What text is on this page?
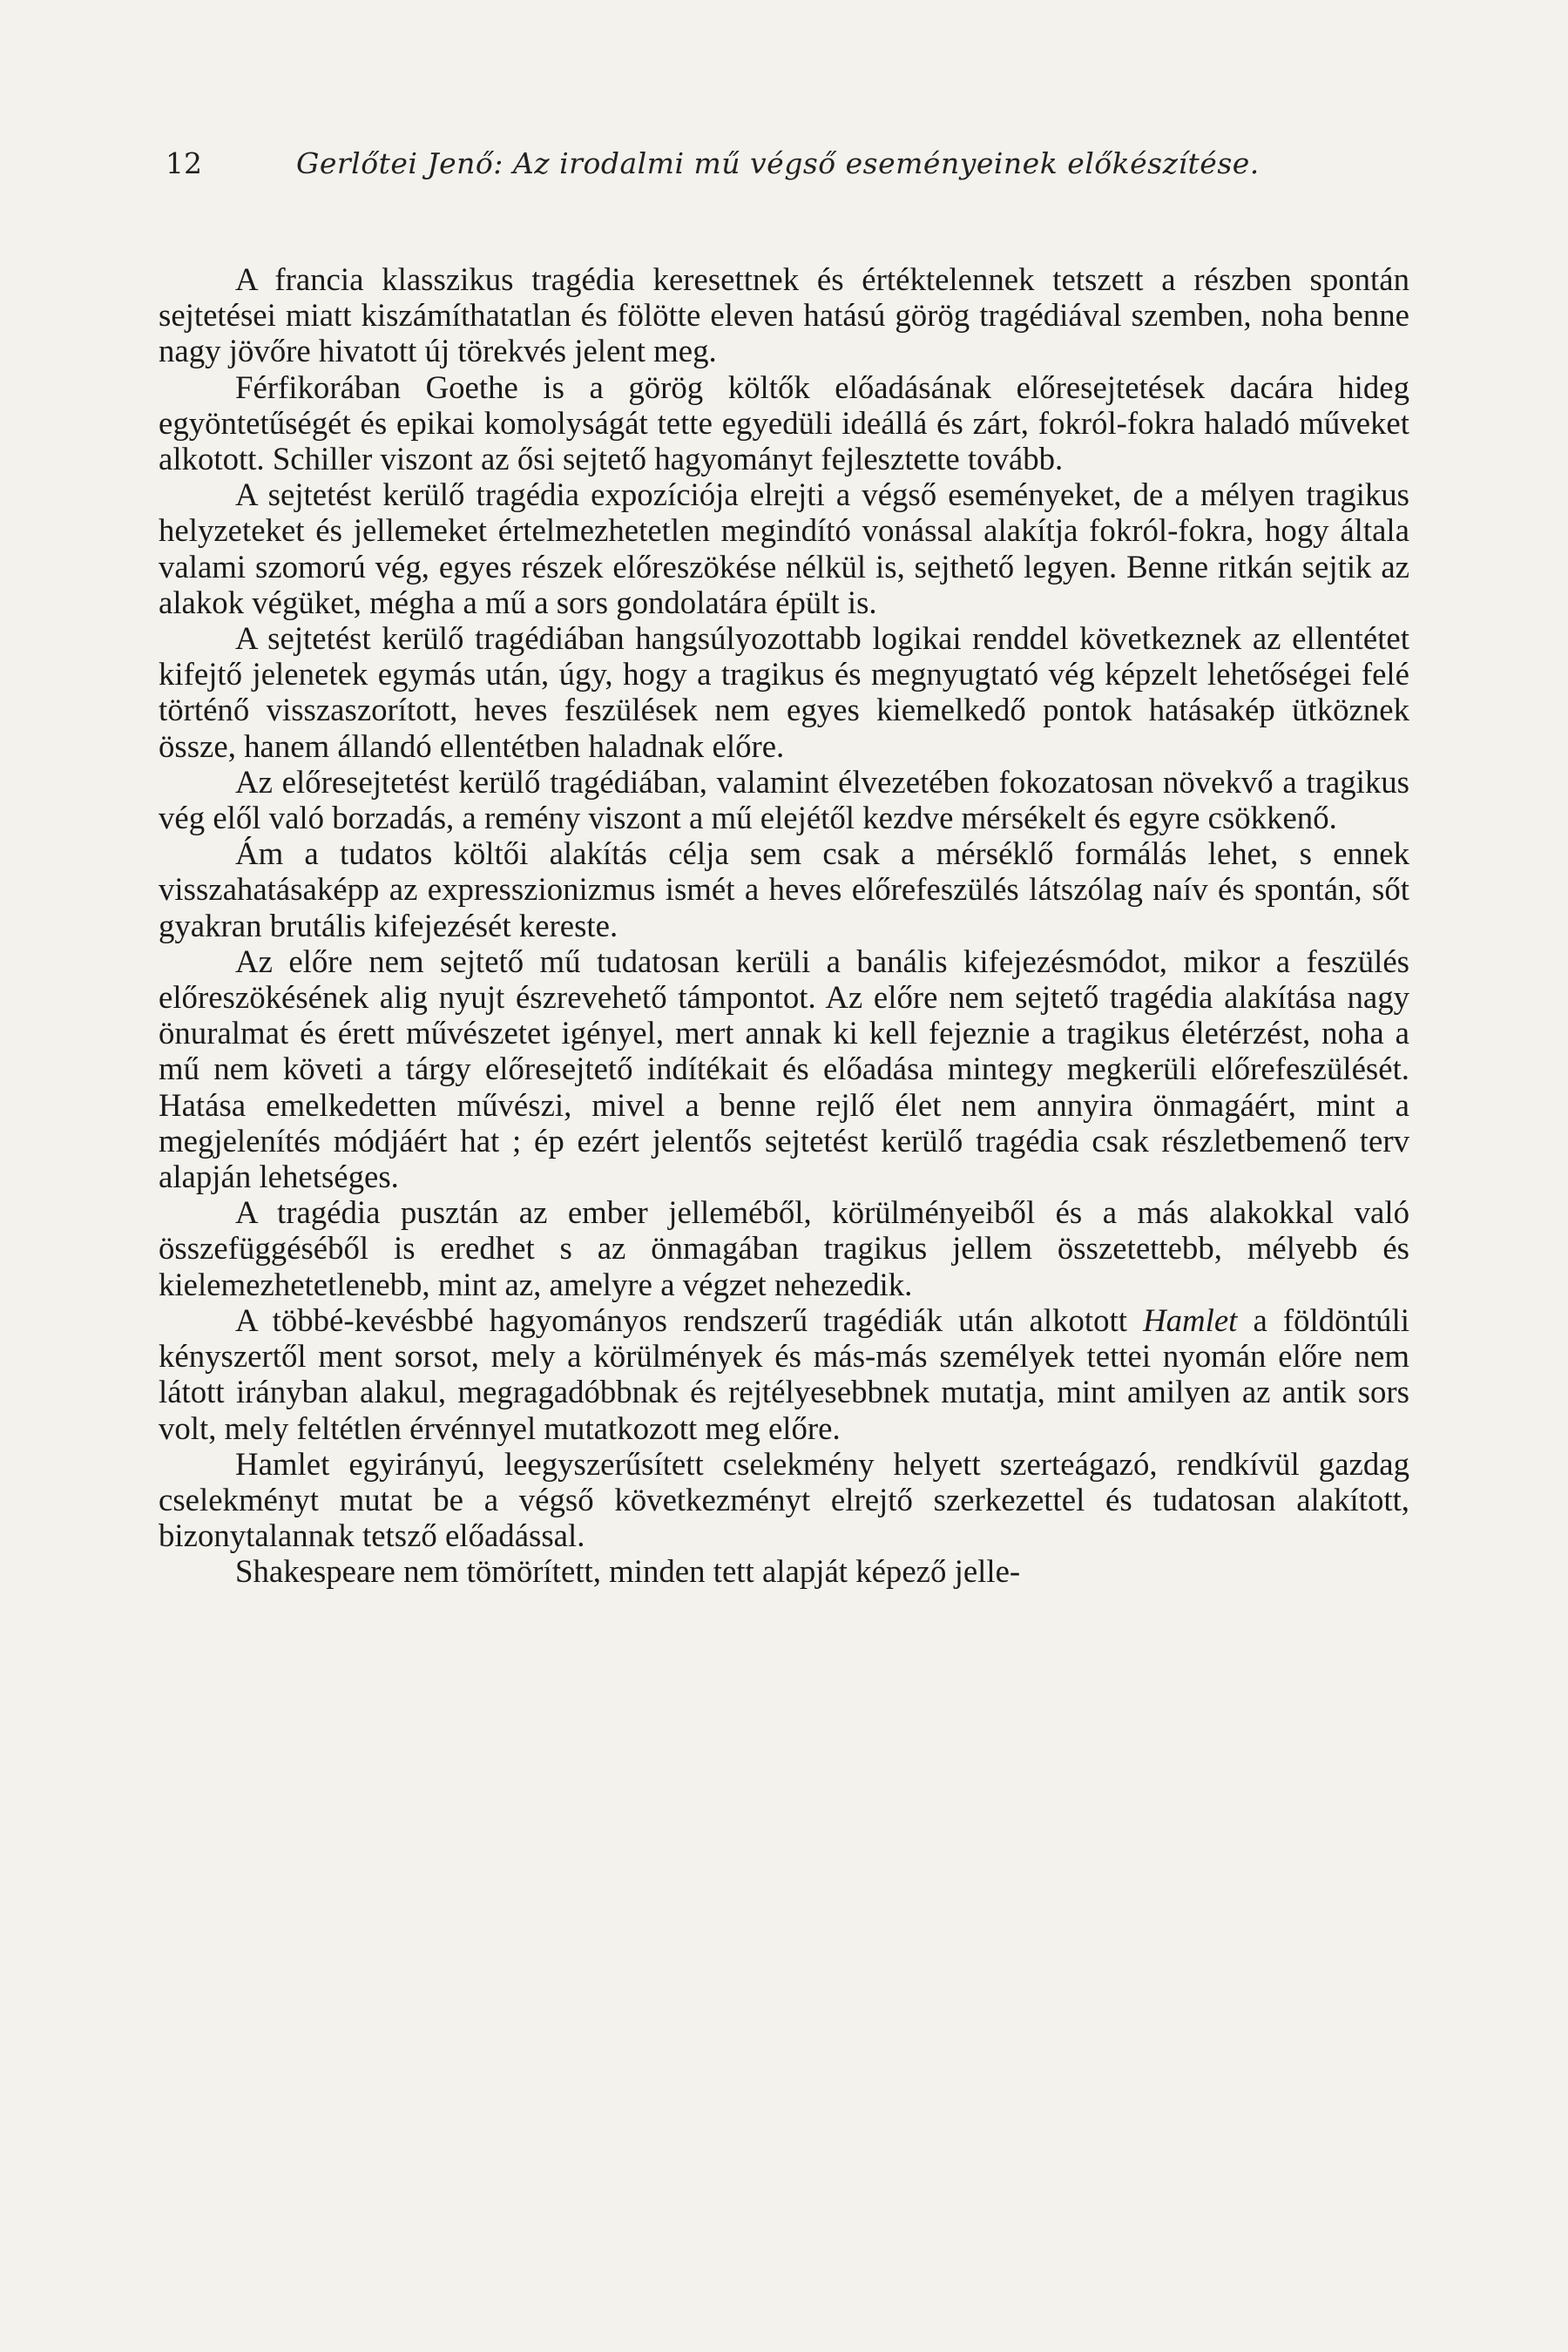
12	Gerlőtei Jenő: Az irodalmi mű végső eseményeinek előkészítése.

A francia klasszikus tragédia keresettnek és értéktelennek tetszett a részben spontán sejtetései miatt kiszámíthatatlan és fölötte eleven hatású görög tragédiával szemben, noha benne nagy jövőre hivatott új törekvés jelent meg.

Férfikorában Goethe is a görög költők előadásának előresejtetések dacára hideg egyöntetűségét és epikai komolyságát tette egyedüli ideállá és zárt, fokról-fokra haladó műveket alkotott. Schiller viszont az ősi sejtető hagyományt fejlesztette tovább.

A sejtetést kerülő tragédia expozíciója elrejti a végső eseményeket, de a mélyen tragikus helyzeteket és jellemeket értelmezhetetlen megindító vonással alakítja fokról-fokra, hogy általa valami szomorú vég, egyes részek előreszökése nélkül is, sejthető legyen. Benne ritkán sejtik az alakok végüket, mégha a mű a sors gondolatára épült is.

A sejtetést kerülő tragédiában hangsúlyozottabb logikai renddel következnek az ellentétet kifejtő jelenetek egymás után, úgy, hogy a tragikus és megnyugtató vég képzelt lehetőségei felé történő visszaszorított, heves feszülések nem egyes kiemelkedő pontok hatásakép ütköznek össze, hanem állandó ellentétben haladnak előre.

Az előresejtetést kerülő tragédiában, valamint élvezetében fokozatosan növekvő a tragikus vég elől való borzadás, a remény viszont a mű elejétől kezdve mérsékelt és egyre csökkenő.

Ám a tudatos költői alakítás célja sem csak a mérséklő formálás lehet, s ennek visszahatásaképp az expresszionizmus ismét a heves előrefeszülés látszólag naív és spontán, sőt gyakran brutális kifejezését kereste.

Az előre nem sejtető mű tudatosan kerüli a banális kifejezésmódot, mikor a feszülés előreszökésének alig nyujt észrevehető támpontot. Az előre nem sejtető tragédia alakítása nagy önuralmat és érett művészetet igényel, mert annak ki kell fejeznie a tragikus életérzést, noha a mű nem követi a tárgy előresejtető indítékait és előadása mintegy megkerüli előrefeszülését. Hatása emelkedetten művészi, mivel a benne rejlő élet nem annyira önmagáért, mint a megjelenítés módjáért hat ; ép ezért jelentős sejtetést kerülő tragédia csak részletbemenő terv alapján lehetséges.

A tragédia pusztán az ember jelleméből, körülményeiből és a más alakokkal való összefüggéséből is eredhet s az önmagában tragikus jellem összetettebb, mélyebb és kielemezhetetlenebb, mint az, amelyre a végzet nehezedik.

A többé-kevésbbé hagyományos rendszerű tragédiák után alkotott Hamlet a földöntúli kényszertől ment sorsot, mely a körülmények és más-más személyek tettei nyomán előre nem látott irányban alakul, megragadóbbnak és rejtélyesebbnek mutatja, mint amilyen az antik sors volt, mely feltétlen érvénnyel mutatkozott meg előre.

Hamlet egyirányú, leegyszerűsített cselekmény helyett szerteágazó, rendkívül gazdag cselekményt mutat be a végső következményt elrejtő szerkezettel és tudatosan alakított, bizonytalannak tetsző előadással.

Shakespeare nem tömörített, minden tett alapját képező jelle-
